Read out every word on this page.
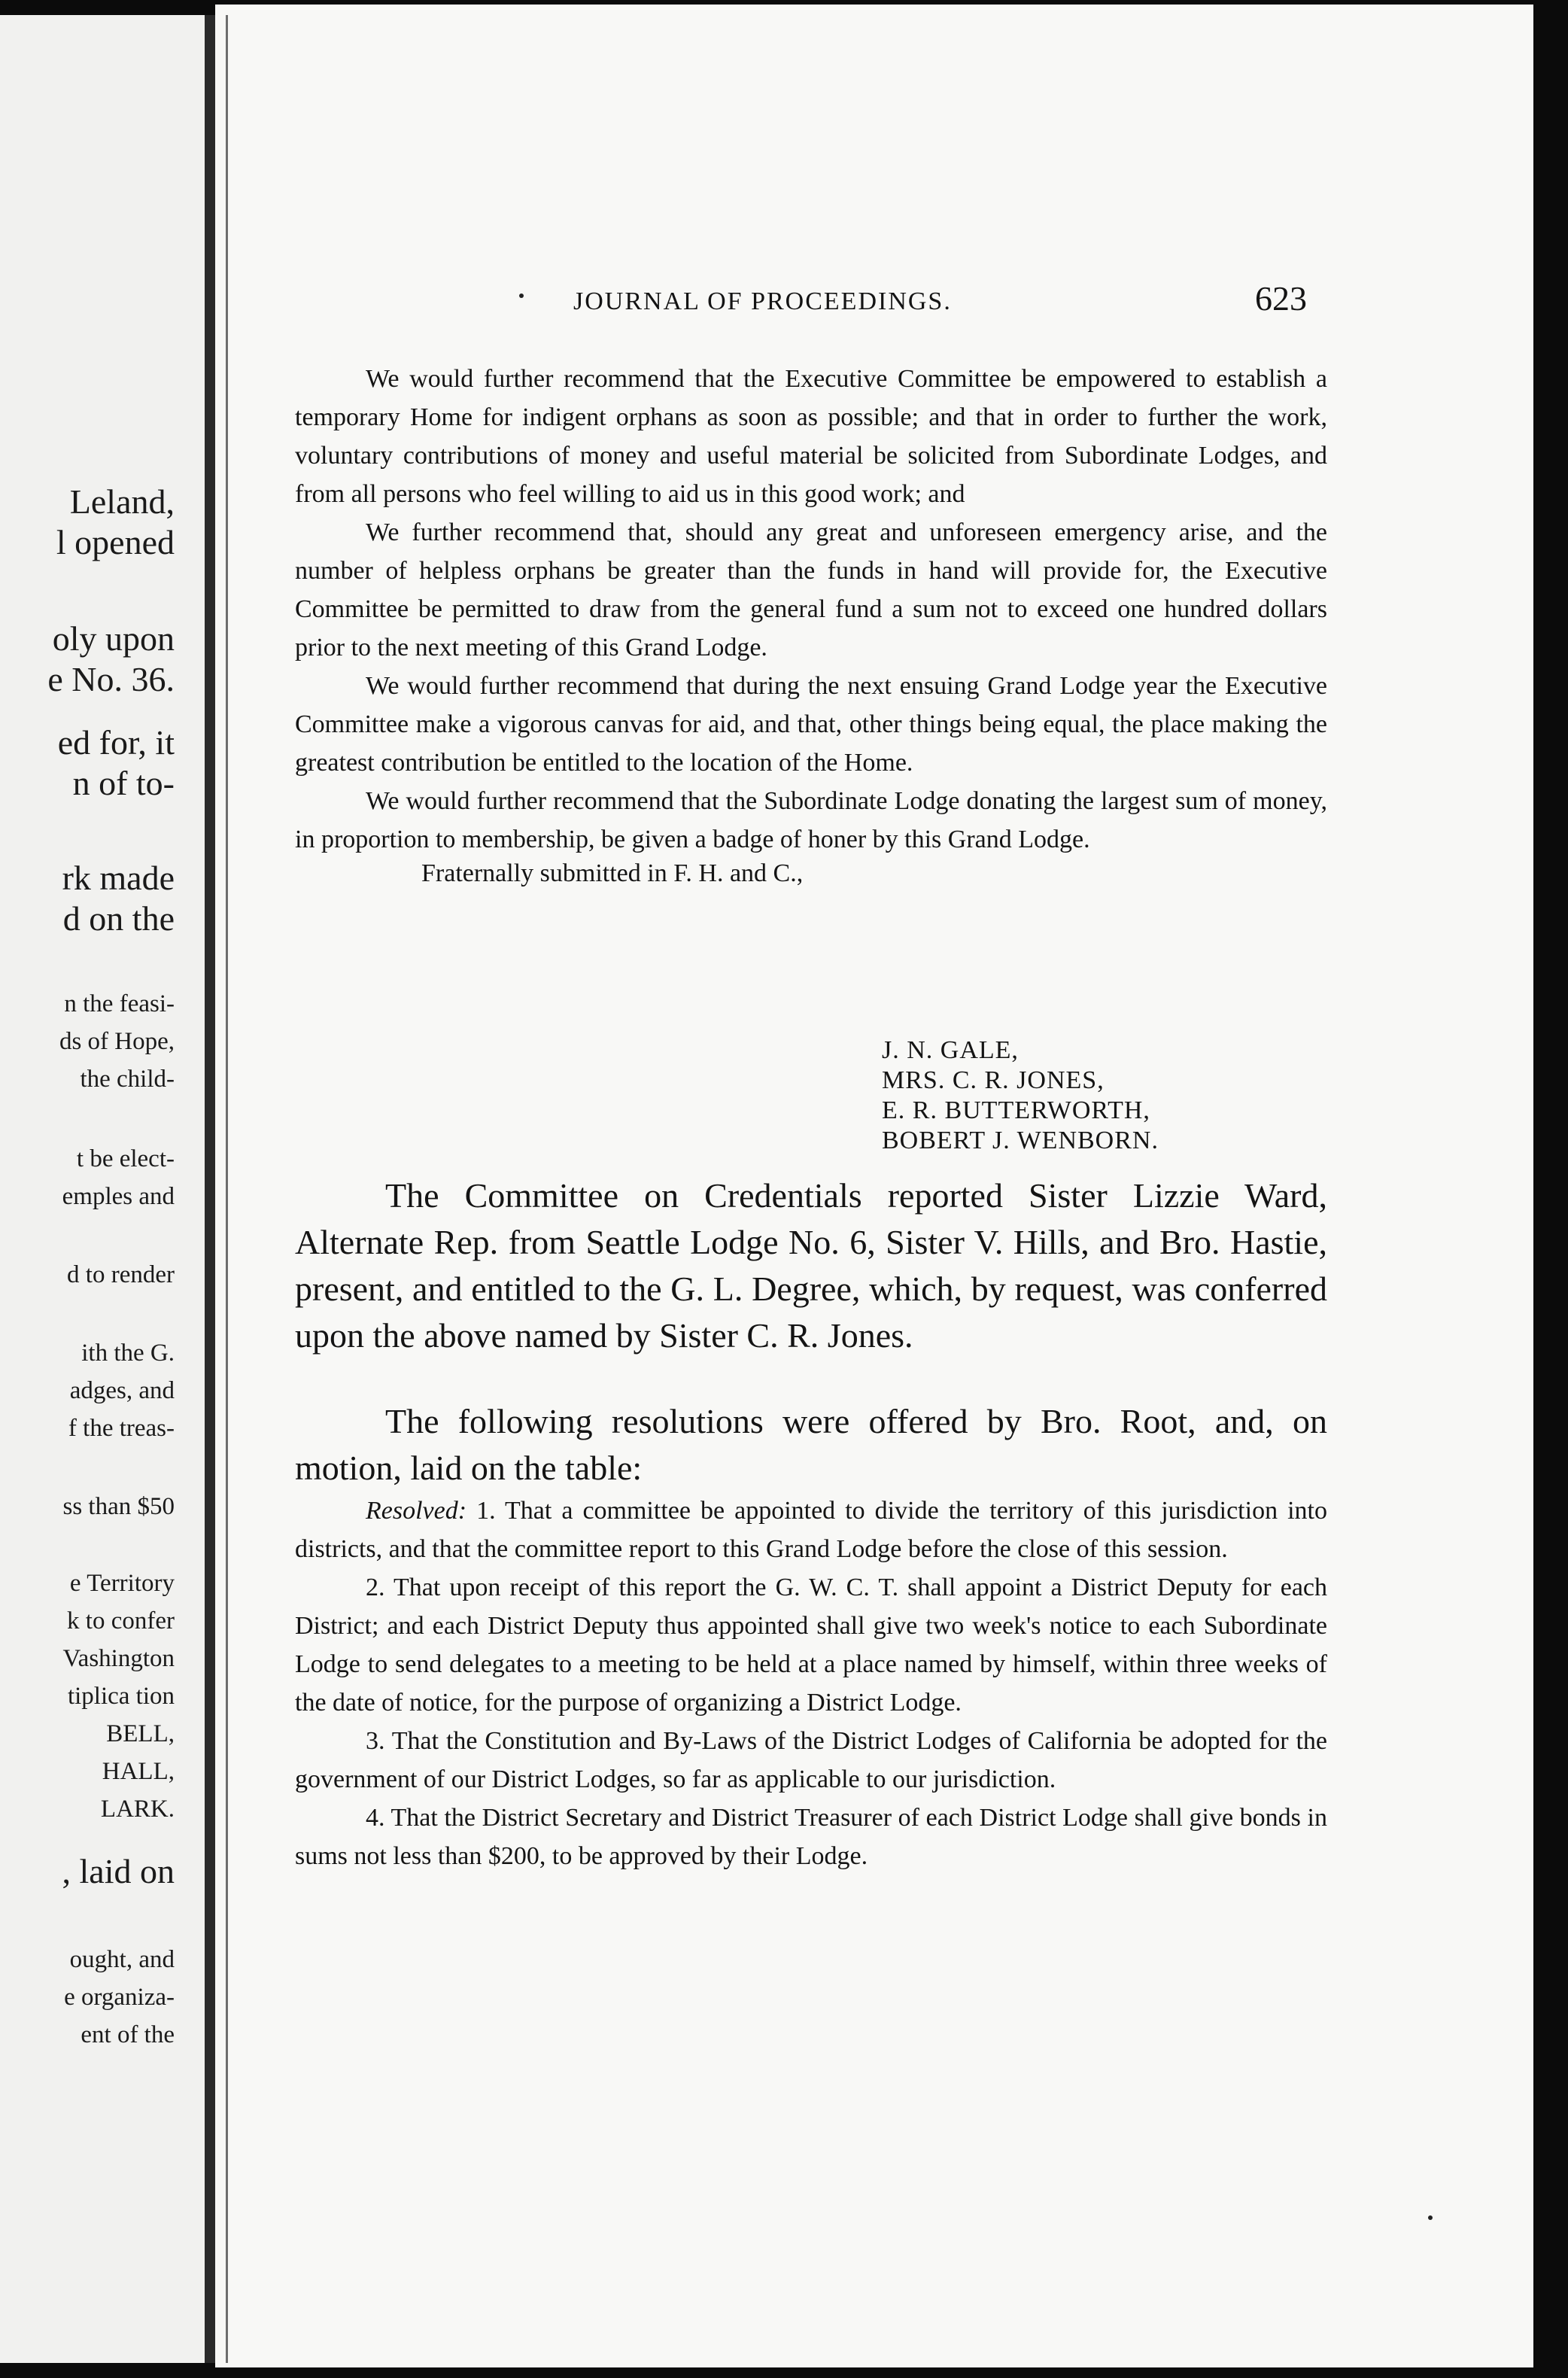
Leland,
l opened
oly upon
e No. 36.
ed for, it
n of to-
rk made
d on the
n the feasi-
ds of Hope,
the child-
t be elect-
emples and
d to render
ith the G.
adges, and
f the treas-
ss than $50
e Territory
k to confer
Vashington
tiplica tion
BELL,
HALL,
LARK.
, laid on
ought, and
e organiza-
ent of the
JOURNAL OF PROCEEDINGS.	623

We would further recommend that the Executive Committee be empowered to establish a temporary Home for indigent orphans as soon as possible; and that in order to further the work, voluntary contributions of money and useful material be solicited from Subordinate Lodges, and from all persons who feel willing to aid us in this good work; and

We further recommend that, should any great and unforeseen emergency arise, and the number of helpless orphans be greater than the funds in hand will provide for, the Executive Committee be permitted to draw from the general fund a sum not to exceed one hundred dollars prior to the next meeting of this Grand Lodge.

We would further recommend that during the next ensuing Grand Lodge year the Executive Committee make a vigorous canvas for aid, and that, other things being equal, the place making the greatest contribution be entitled to the location of the Home.

We would further recommend that the Subordinate Lodge donating the largest sum of money, in proportion to membership, be given a badge of honer by this Grand Lodge.

Fraternally submitted in F. H. and C.,

J. N. GALE,
MRS. C. R. JONES,
E. R. BUTTERWORTH,
BOBERT J. WENBORN.

The Committee on Credentials reported Sister Lizzie Ward, Alternate Rep. from Seattle Lodge No. 6, Sister V. Hills, and Bro. Hastie, present, and entitled to the G. L. Degree, which, by request, was conferred upon the above named by Sister C. R. Jones.

The following resolutions were offered by Bro. Root, and, on motion, laid on the table:

Resolved: 1. That a committee be appointed to divide the territory of this jurisdiction into districts, and that the committee report to this Grand Lodge before the close of this session.

2. That upon receipt of this report the G. W. C. T. shall appoint a District Deputy for each District; and each District Deputy thus appointed shall give two week's notice to each Subordinate Lodge to send delegates to a meeting to be held at a place named by himself, within three weeks of the date of notice, for the purpose of organizing a District Lodge.

3. That the Constitution and By-Laws of the District Lodges of California be adopted for the government of our District Lodges, so far as applicable to our jurisdiction.

4. That the District Secretary and District Treasurer of each District Lodge shall give bonds in sums not less than $200, to be approved by their Lodge.
